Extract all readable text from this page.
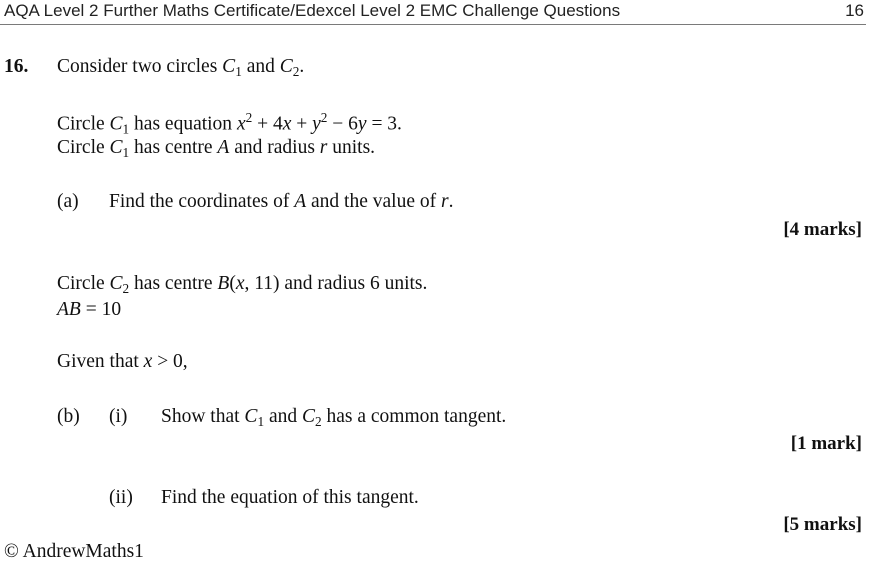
AQA Level 2 Further Maths Certificate/Edexcel Level 2 EMC Challenge Questions	16
16. Consider two circles $C_1$ and $C_2$.
Circle $C_1$ has equation $x^2 + 4x + y^2 - 6y = 3$.
Circle $C_1$ has centre A and radius r units.
(a) Find the coordinates of A and the value of r.
[4 marks]
Circle $C_2$ has centre B(x, 11) and radius 6 units.
AB = 10
Given that x > 0,
(b) (i) Show that $C_1$ and $C_2$ has a common tangent.
[1 mark]
(ii) Find the equation of this tangent.
[5 marks]
© AndrewMaths1
